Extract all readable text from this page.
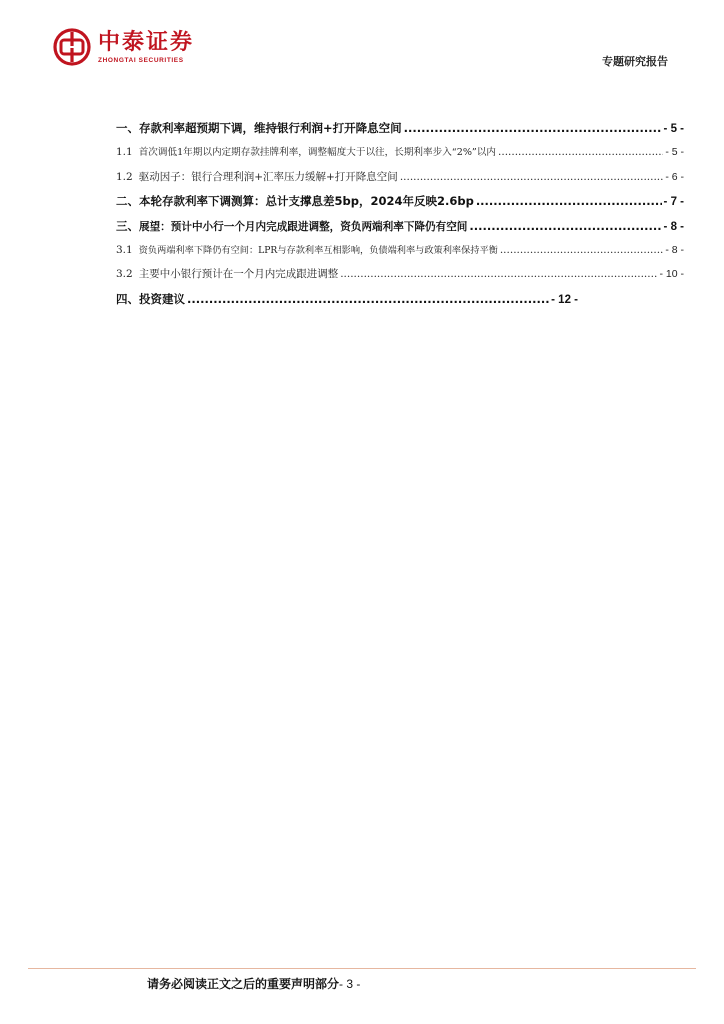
中泰证券
ZHONGTAI SECURITIES	专题研究报告
一、 存款利率超预期下调，维持银行利润+打开降息空间 .....	- 5 -
1.1 首次调低1年期以内定期存款挂牌利率，调整幅度大于以往，长期利率步入“2%”以内 .....	- 5 -
1.2 驱动因子：银行合理利润+汇率压力缓解+打开降息空间 .....	- 6 -
二、 本轮存款利率下调测算：总计支撑息差5bp，2024年反映2.6bp .....	- 7 -
三、 展望：预计中小行一个月内完成跟进调整，资负两端利率下降仍有空间 .....	- 8 -
3.1 资负两端利率下降仍有空间：LPR与存款利率互相影响，负债端利率与政策利率保持平衡 .....	- 8 -
3.2 主要中小银行预计在一个月内完成跟进调整 .....	- 10 -
四、 投资建议 .....	- 12 -
请务必阅读正文之后的重要声明部分- 3 -
